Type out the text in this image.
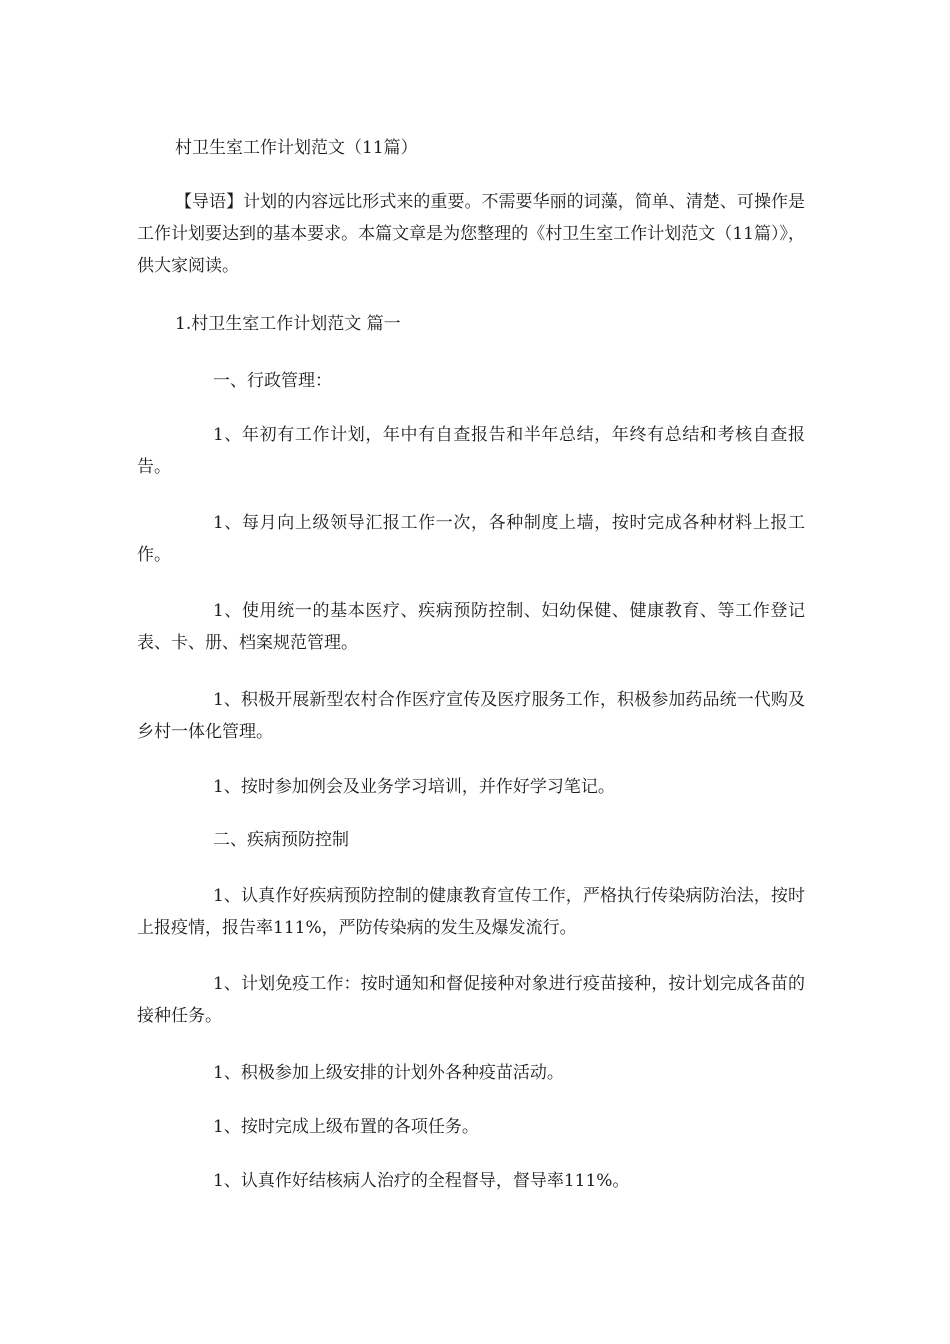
村卫生室工作计划范文（11篇）

【导语】计划的内容远比形式来的重要。不需要华丽的词藻，简单、清楚、可操作是工作计划要达到的基本要求。本篇文章是为您整理的《村卫生室工作计划范文（11篇）》，供大家阅读。

1.村卫生室工作计划范文 篇一
一、行政管理：

1、年初有工作计划，年中有自查报告和半年总结，年终有总结和考核自查报告。

1、每月向上级领导汇报工作一次，各种制度上墙，按时完成各种材料上报工作。

1、使用统一的基本医疗、疾病预防控制、妇幼保健、健康教育、等工作登记表、卡、册、档案规范管理。

1、积极开展新型农村合作医疗宣传及医疗服务工作，积极参加药品统一代购及乡村一体化管理。

1、按时参加例会及业务学习培训，并作好学习笔记。

二、疾病预防控制

1、认真作好疾病预防控制的健康教育宣传工作，严格执行传染病防治法，按时上报疫情，报告率111%，严防传染病的发生及爆发流行。

1、计划免疫工作：按时通知和督促接种对象进行疫苗接种，按计划完成各苗的接种任务。

1、积极参加上级安排的计划外各种疫苗活动。

1、按时完成上级布置的各项任务。

1、认真作好结核病人治疗的全程督导，督导率111%。
